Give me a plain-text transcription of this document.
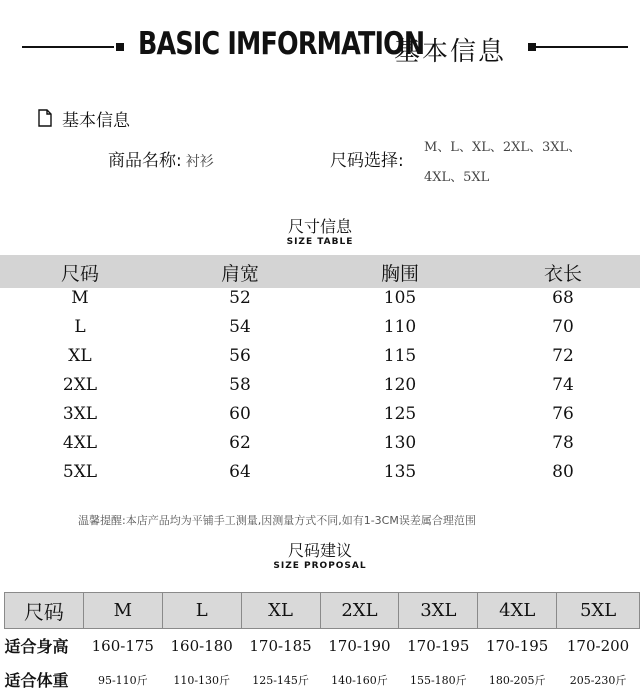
BASIC IMFORMATION
基本信息
基本信息
商品名称: 衬衫	尺码选择:
M、L、XL、2XL、3XL、
4XL、5XL
尺寸信息
SIZE TABLE
尺码	肩宽	胸围	衣长
M	52	105	68
L	54	110	70
XL	56	115	72
2XL	58	120	74
3XL	60	125	76
4XL	62	130	78
5XL	64	135	80
温馨提醒:本店产品均为平铺手工测量,因测量方式不同,如有1-3CM误差属合理范围
尺码建议
SIZE PROPOSAL
尺码	M	L	XL	2XL	3XL	4XL	5XL
适合身高	160-175	160-180	170-185	170-190	170-195	170-195	170-200
适合体重	95-110斤	110-130斤	125-145斤	140-160斤	155-180斤	180-205斤	205-230斤
